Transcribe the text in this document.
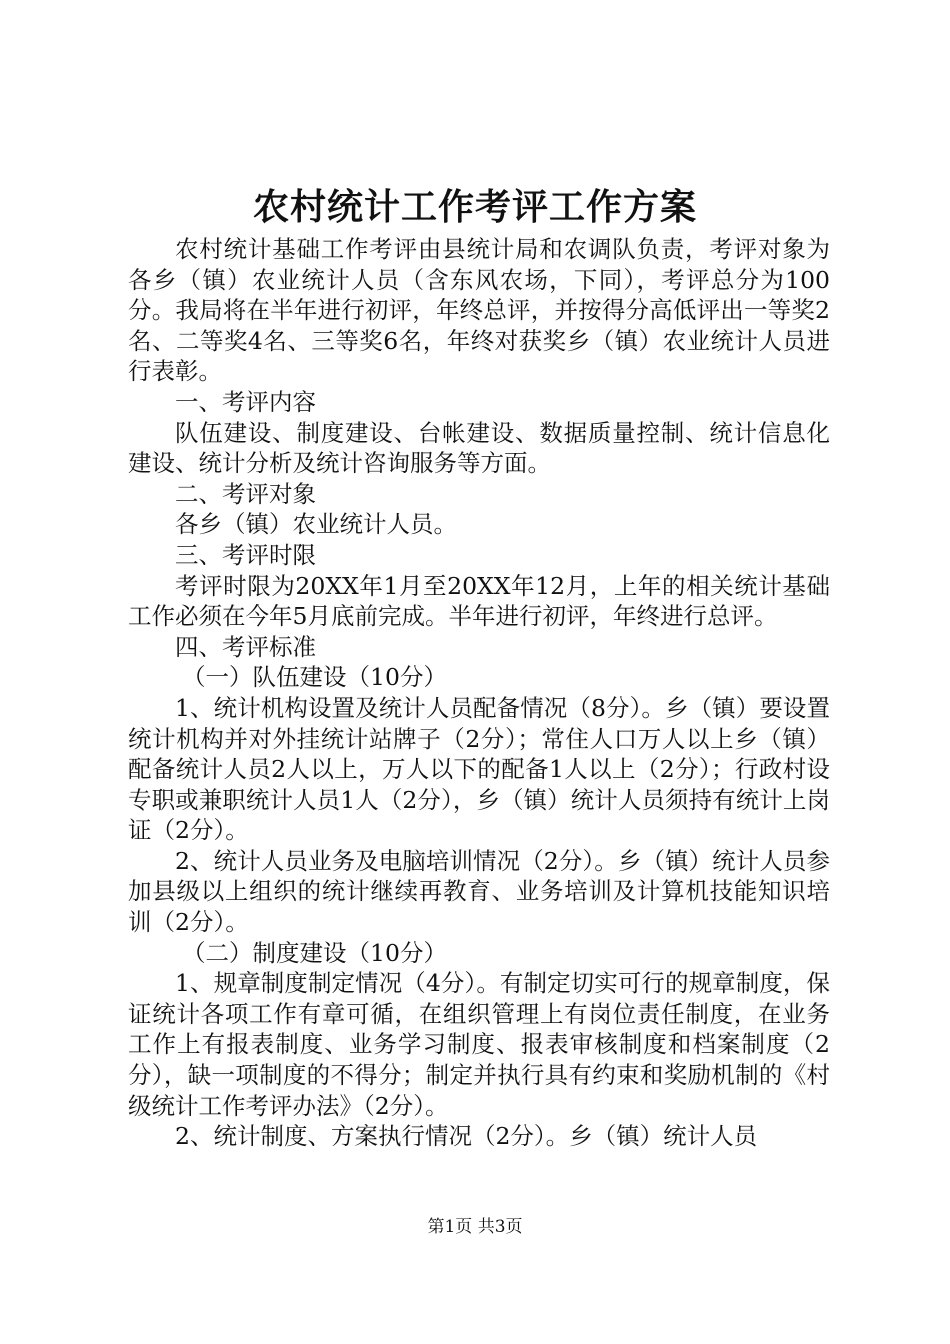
农村统计工作考评工作方案

农村统计基础工作考评由县统计局和农调队负责，考评对象为各乡（镇）农业统计人员（含东风农场，下同），考评总分为100分。我局将在半年进行初评，年终总评，并按得分高低评出一等奖2名、二等奖4名、三等奖6名，年终对获奖乡（镇）农业统计人员进行表彰。

一、考评内容

队伍建设、制度建设、台帐建设、数据质量控制、统计信息化建设、统计分析及统计咨询服务等方面。

二、考评对象

各乡（镇）农业统计人员。

三、考评时限

考评时限为20XX年1月至20XX年12月，上年的相关统计基础工作必须在今年5月底前完成。半年进行初评，年终进行总评。

四、考评标准

（一）队伍建设（10分）

1、统计机构设置及统计人员配备情况（8分）。乡（镇）要设置统计机构并对外挂统计站牌子（2分）；常住人口万人以上乡（镇）配备统计人员2人以上，万人以下的配备1人以上（2分）；行政村设专职或兼职统计人员1人（2分），乡（镇）统计人员须持有统计上岗证（2分）。

2、统计人员业务及电脑培训情况（2分）。乡（镇）统计人员参加县级以上组织的统计继续再教育、业务培训及计算机技能知识培训（2分）。

（二）制度建设（10分）

1、规章制度制定情况（4分）。有制定切实可行的规章制度，保证统计各项工作有章可循，在组织管理上有岗位责任制度，在业务工作上有报表制度、业务学习制度、报表审核制度和档案制度（2分），缺一项制度的不得分；制定并执行具有约束和奖励机制的《村级统计工作考评办法》（2分）。

2、统计制度、方案执行情况（2分）。乡（镇）统计人员

第1页 共3页
